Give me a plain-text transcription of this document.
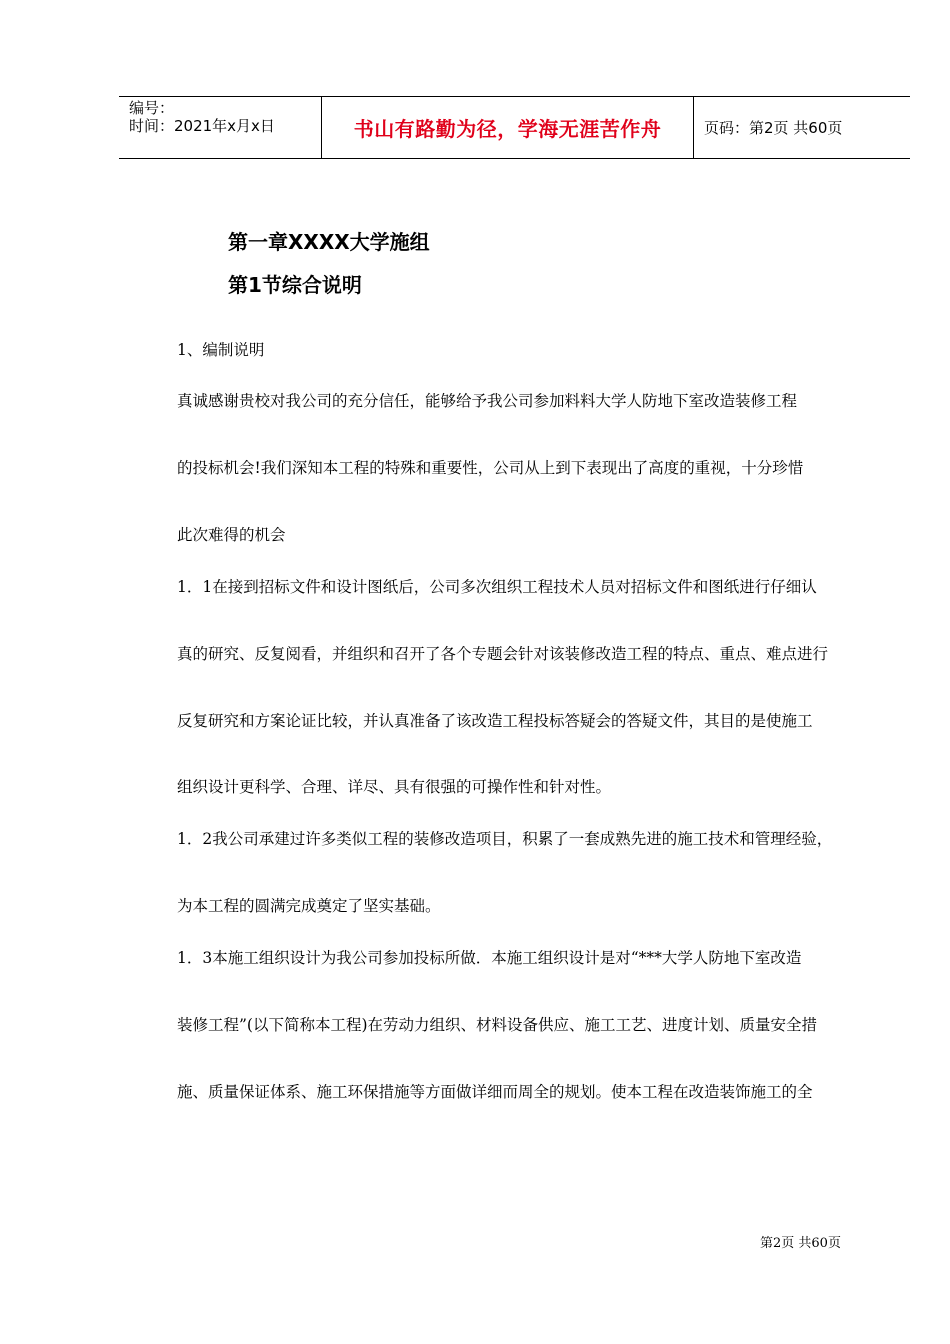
编号：
时间：2021年x月x日	书山有路勤为径，学海无涯苦作舟	页码：第2页 共60页
第一章XXXX大学施组
第1节综合说明
1、编制说明
真诚感谢贵校对我公司的充分信任，能够给予我公司参加料料大学人防地下室改造装修工程
的投标机会!我们深知本工程的特殊和重要性，公司从上到下表现出了高度的重视，十分珍惜
此次难得的机会
1．1在接到招标文件和设计图纸后，公司多次组织工程技术人员对招标文件和图纸进行仔细认
真的研究、反复阅看，并组织和召开了各个专题会针对该装修改造工程的特点、重点、难点进行
反复研究和方案论证比较，并认真准备了该改造工程投标答疑会的答疑文件，其目的是使施工
组织设计更科学、合理、详尽、具有很强的可操作性和针对性。
1．2我公司承建过许多类似工程的装修改造项目，积累了一套成熟先进的施工技术和管理经验，
为本工程的圆满完成奠定了坚实基础。
1．3本施工组织设计为我公司参加投标所做．本施工组织设计是对“***大学人防地下室改造
装修工程”(以下简称本工程)在劳动力组织、材料设备供应、施工工艺、进度计划、质量安全措
施、质量保证体系、施工环保措施等方面做详细而周全的规划。使本工程在改造装饰施工的全
第2页 共60页
